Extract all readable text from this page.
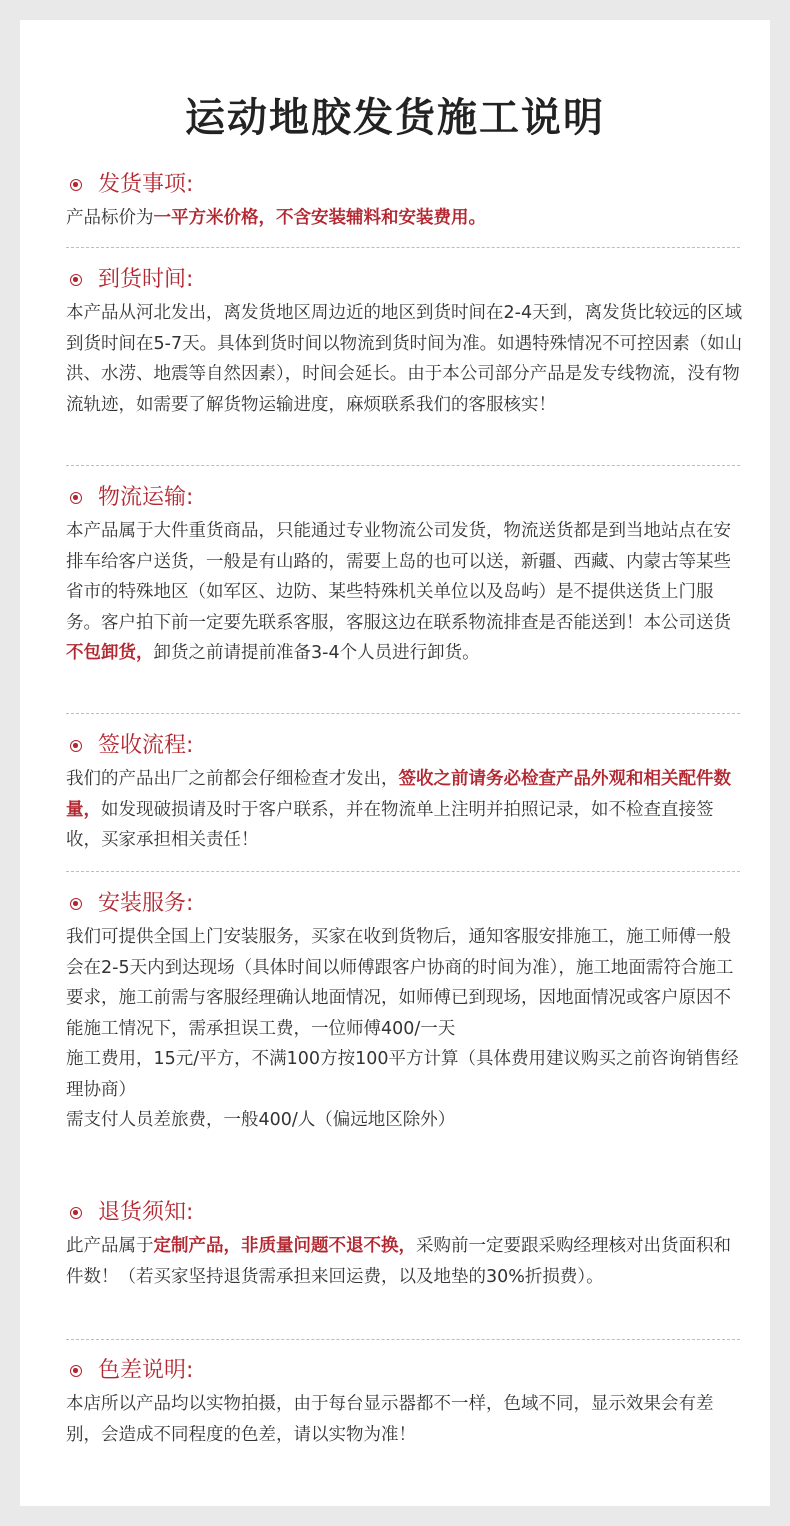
运动地胶发货施工说明
发货事项:

产品标价为一平方米价格，不含安装辅料和安装费用。

到货时间:

本产品从河北发出，离发货地区周边近的地区到货时间在2-4天到，离发货比较远的区域到货时间在5-7天。具体到货时间以物流到货时间为准。如遇特殊情况不可控因素（如山洪、水涝、地震等自然因素），时间会延长。由于本公司部分产品是发专线物流，没有物流轨迹，如需要了解货物运输进度，麻烦联系我们的客服核实！

物流运输:

本产品属于大件重货商品，只能通过专业物流公司发货，物流送货都是到当地站点在安排车给客户送货，一般是有山路的，需要上岛的也可以送，新疆、西藏、内蒙古等某些省市的特殊地区（如军区、边防、某些特殊机关单位以及岛屿）是不提供送货上门服务。客户拍下前一定要先联系客服，客服这边在联系物流排查是否能送到！本公司送货不包卸货，卸货之前请提前准备3-4个人员进行卸货。

签收流程:

我们的产品出厂之前都会仔细检查才发出，签收之前请务必检查产品外观和相关配件数量，如发现破损请及时于客户联系，并在物流单上注明并拍照记录，如不检查直接签收，买家承担相关责任！

安装服务:

我们可提供全国上门安装服务，买家在收到货物后，通知客服安排施工，施工师傅一般会在2-5天内到达现场（具体时间以师傅跟客户协商的时间为准），施工地面需符合施工要求，施工前需与客服经理确认地面情况，如师傅已到现场，因地面情况或客户原因不能施工情况下，需承担误工费，一位师傅400/一天

施工费用，15元/平方，不满100方按100平方计算（具体费用建议购买之前咨询销售经理协商）

需支付人员差旅费，一般400/人（偏远地区除外）

退货须知:

此产品属于定制产品，非质量问题不退不换，采购前一定要跟采购经理核对出货面积和件数！（若买家坚持退货需承担来回运费，以及地垫的30%折损费）。

色差说明:

本店所以产品均以实物拍摄，由于每台显示器都不一样，色域不同，显示效果会有差别，会造成不同程度的色差，请以实物为准！
